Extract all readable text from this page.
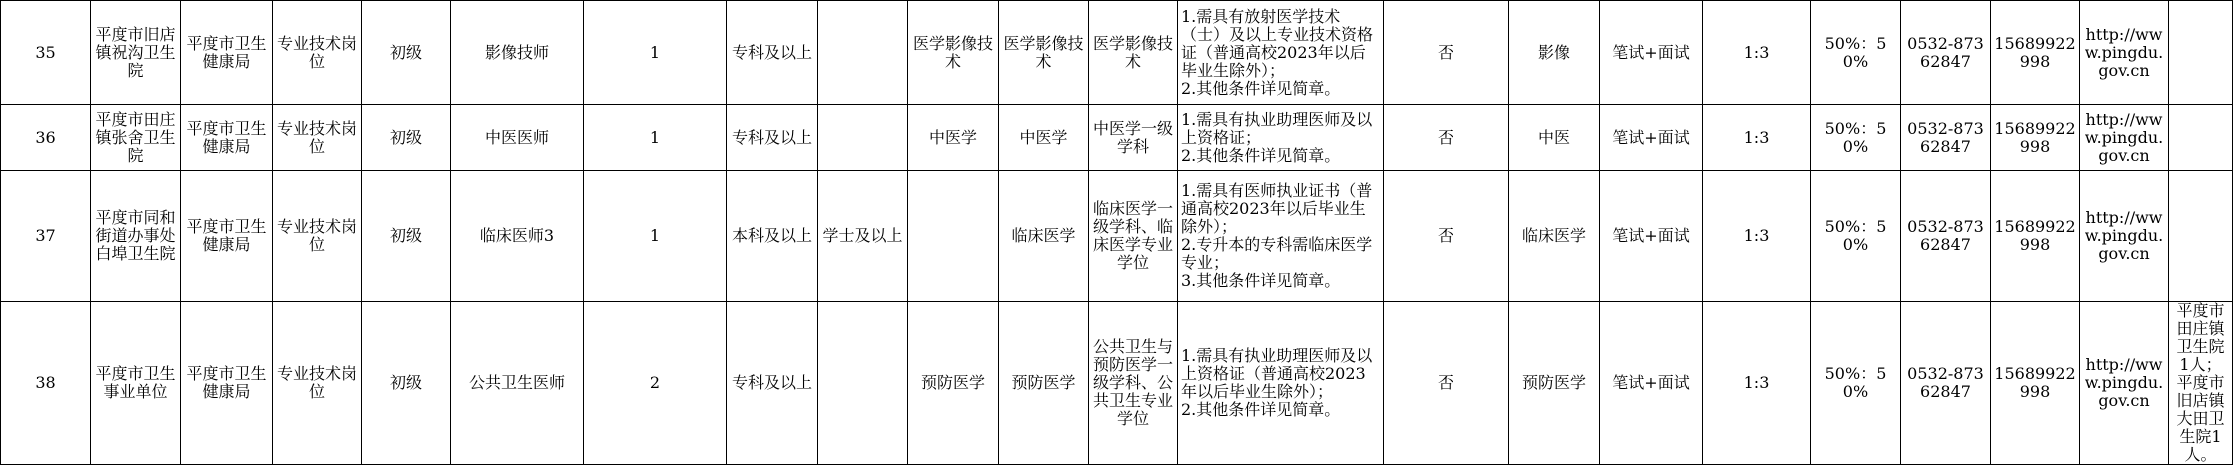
35	平度市旧店镇祝沟卫生院	平度市卫生健康局	专业技术岗位	初级	影像技师	1	专科及以上		医学影像技术	医学影像技术	医学影像技术	1.需具有放射医学技术（士）及以上专业技术资格证（普通高校2023年以后毕业生除外）；
2.其他条件详见简章。	否	影像	笔试+面试	1:3	50%：50%	0532-87362847	15689922998	http://www.pingdu.gov.cn	
36	平度市田庄镇张舍卫生院	平度市卫生健康局	专业技术岗位	初级	中医医师	1	专科及以上		中医学	中医学	中医学一级学科	1.需具有执业助理医师及以上资格证；
2.其他条件详见简章。	否	中医	笔试+面试	1:3	50%：50%	0532-87362847	15689922998	http://www.pingdu.gov.cn	
37	平度市同和街道办事处白埠卫生院	平度市卫生健康局	专业技术岗位	初级	临床医师3	1	本科及以上	学士及以上		临床医学	临床医学一级学科、临床医学专业学位	1.需具有医师执业证书（普通高校2023年以后毕业生除外）；
2.专升本的专科需临床医学专业；
3.其他条件详见简章。	否	临床医学	笔试+面试	1:3	50%：50%	0532-87362847	15689922998	http://www.pingdu.gov.cn	
38	平度市卫生事业单位	平度市卫生健康局	专业技术岗位	初级	公共卫生医师	2	专科及以上		预防医学	预防医学	公共卫生与预防医学一级学科、公共卫生专业学位	1.需具有执业助理医师及以上资格证（普通高校2023年以后毕业生除外）；
2.其他条件详见简章。	否	预防医学	笔试+面试	1:3	50%：50%	0532-87362847	15689922998	http://www.pingdu.gov.cn	平度市田庄镇卫生院1人；平度市旧店镇大田卫生院1人。
